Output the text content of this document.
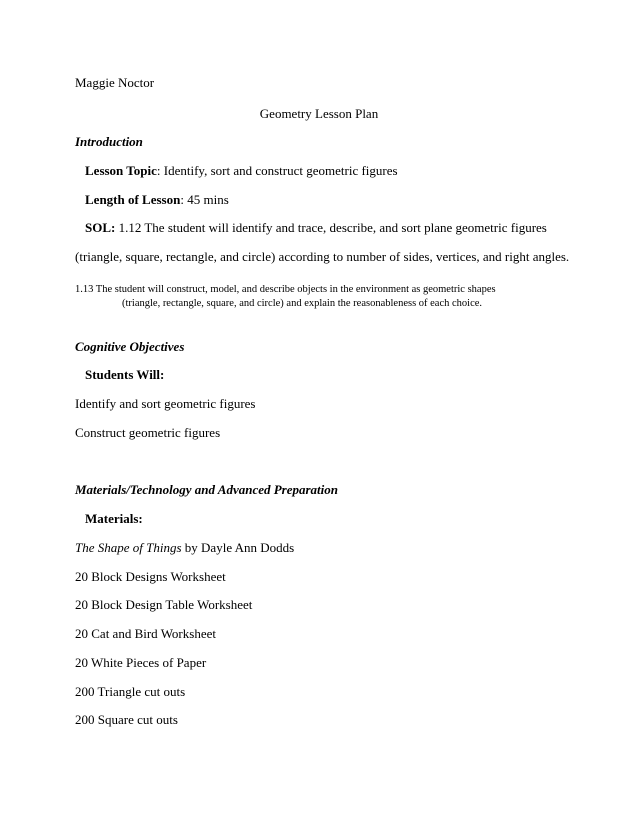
Maggie Noctor
Geometry Lesson Plan
Introduction
Lesson Topic: Identify, sort and construct geometric figures
Length of Lesson: 45 mins
SOL: 1.12 The student will identify and trace, describe, and sort plane geometric figures
(triangle, square, rectangle, and circle) according to number of sides, vertices, and right angles.
1.13 The student will construct, model, and describe objects in the environment as geometric shapes
(triangle, rectangle, square, and circle) and explain the reasonableness of each choice.
Cognitive Objectives
Students Will:
Identify and sort geometric figures
Construct geometric figures
Materials/Technology and Advanced Preparation
Materials:
The Shape of Things by Dayle Ann Dodds
20 Block Designs Worksheet
20 Block Design Table Worksheet
20 Cat and Bird Worksheet
20 White Pieces of Paper
200 Triangle cut outs
200 Square cut outs
